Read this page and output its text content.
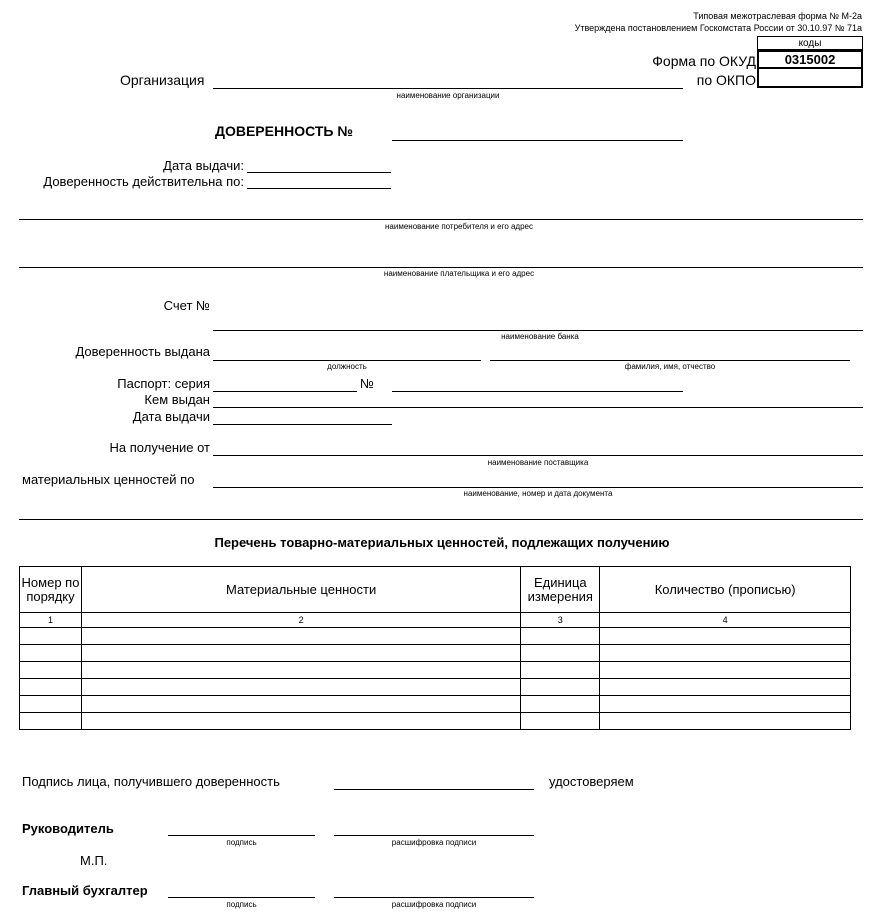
Типовая межотраслевая форма № М-2а
Утверждена постановлением Госкомстата России от 30.10.97 № 71а
коды
0315002
Форма по ОКУД
по ОКПО
Организация
наименование организации
ДОВЕРЕННОСТЬ №
Дата выдачи:
Доверенность действительна по:
наименование потребителя и его адрес
наименование плательщика и его адрес
Счет №
наименование банка
Доверенность выдана
должность	фамилия, имя, отчество
Паспорт: серия	№
Кем выдан
Дата выдачи
На получение от
наименование поставщика
материальных ценностей по
наименование, номер и дата документа
Перечень товарно-материальных ценностей, подлежащих получению
Номер по порядку	Материальные ценности	Единица измерения	Количество (прописью)
1	2	3	4

Подпись лица, получившего доверенность	удостоверяем
Руководитель
подпись	расшифровка подписи
М.П.
Главный бухгалтер
подпись	расшифровка подписи
